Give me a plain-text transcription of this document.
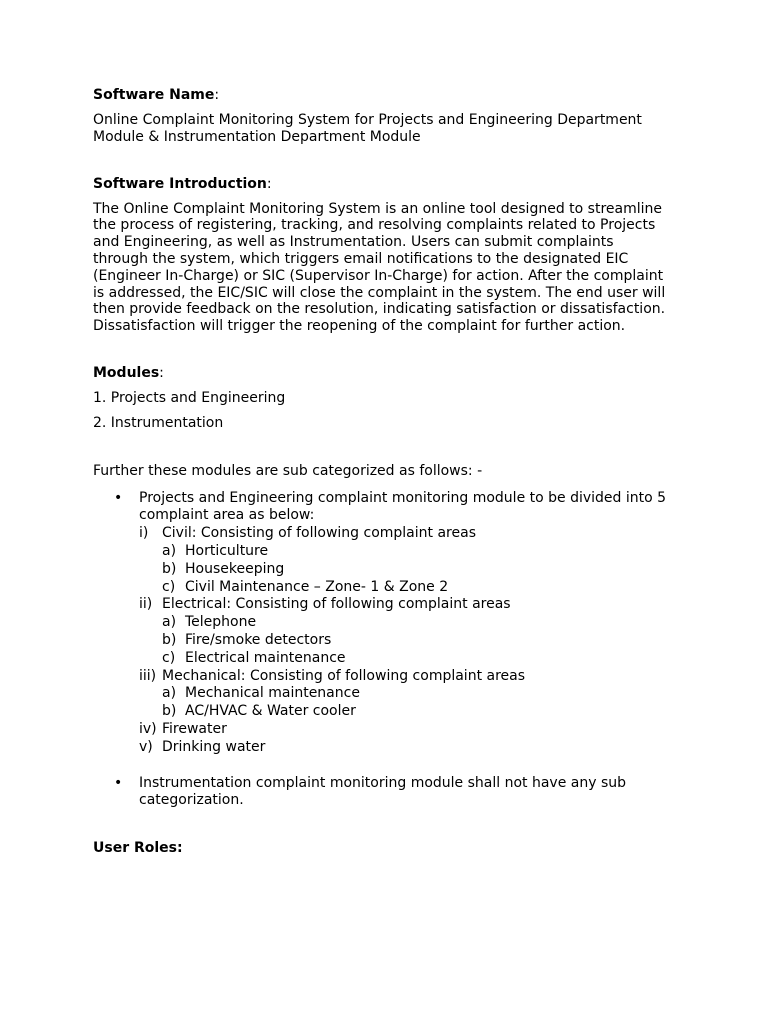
Software Name:
Online Complaint Monitoring System for Projects and Engineering Department
Module & Instrumentation Department Module
Software Introduction:
The Online Complaint Monitoring System is an online tool designed to streamline
the process of registering, tracking, and resolving complaints related to Projects
and Engineering, as well as Instrumentation. Users can submit complaints
through the system, which triggers email notifications to the designated EIC
(Engineer In-Charge) or SIC (Supervisor In-Charge) for action. After the complaint
is addressed, the EIC/SIC will close the complaint in the system. The end user will
then provide feedback on the resolution, indicating satisfaction or dissatisfaction.
Dissatisfaction will trigger the reopening of the complaint for further action.
Modules:
1. Projects and Engineering
2. Instrumentation
Further these modules are sub categorized as follows: -
• Projects and Engineering complaint monitoring module to be divided into 5
complaint area as below:
i) Civil: Consisting of following complaint areas
a) Horticulture
b) Housekeeping
c) Civil Maintenance – Zone- 1 & Zone 2
ii) Electrical: Consisting of following complaint areas
a) Telephone
b) Fire/smoke detectors
c) Electrical maintenance
iii) Mechanical: Consisting of following complaint areas
a) Mechanical maintenance
b) AC/HVAC & Water cooler
iv) Firewater
v) Drinking water
• Instrumentation complaint monitoring module shall not have any sub
categorization.
User Roles:
